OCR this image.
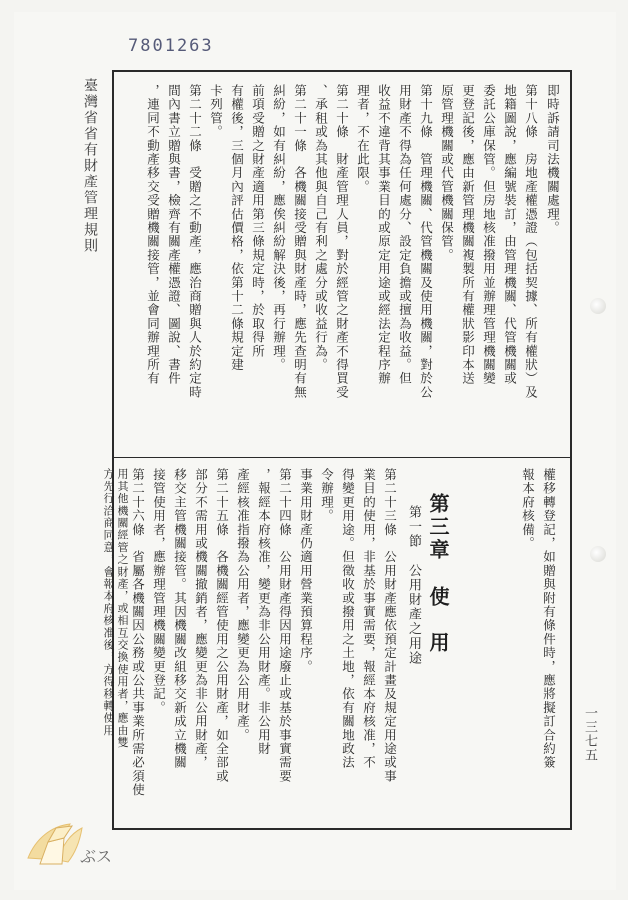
7801263
臺灣省省有財產管理規則	即時訴請司法機關處理。
第十八條　房地產權憑證（包括契據、所有權狀）及
地籍圖說，應編號裝訂，由管理機關、代管機關或
委託公庫保管。但房地核准撥用並辦理管理機關變
更登記後，應由新管理機關複製所有權狀影印本送
原管理機關或代管機關保管。
第十九條　管理機關、代管機關及使用機關，對於公
用財產不得為任何處分、設定負擔或擅為收益。但
收益不違背其事業目的或原定用途或經法定程序辦
理者，不在此限。
第二十條　財產管理人員，對於經管之財產不得買受
、承租或為其他與自己有利之處分或收益行為。
第二十一條　各機關接受贈與財產時，應先查明有無
糾紛，如有糾紛，應俟糾紛解決後，再行辦理。
前項受贈之財產適用第三條規定時，於取得所
有權後，三個月內評估價格，依第十二條規定建
卡列管。
第二十二條　受贈之不動產，應治商贈與人於約定時
間內書立贈與書，檢齊有關產權憑證、圖說、書件
，連同不動產移交受贈機關接管，並會同辦理所有
權移轉登記，如贈與附有條件時，應將擬訂合約簽
報本府核備。
第三章使　用
第一節　公用財產之用途
第二十三條　公用財產應依預定計畫及規定用途或事
業目的使用，非基於事實需要，報經本府核准，不
得變更用途。但徵收或撥用之土地，依有關地政法
令辦理。
事業用財產仍適用營業預算程序。
第二十四條　公用財產得因用途廢止或基於事實需要
，報經本府核准，變更為非公用財產。非公用財
產經核准指撥為公用者，應變更為公用財產。
第二十五條　各機關經管使用之公用財產，如全部或
部分不需用或機關撤銷者，應變更為非公用財產，
移交主管機關接管。其因機關改組移交新成立機關
接管使用者，應辦理管理機關變更登記。
第二十六條　省屬各機關因公務或公共事業所需必須使
用其他機關經管之財產，或相互交換使用者，應由雙
方先行洽商同意，會報本府核准後，方得移轉使用	一三七五
ぶス
